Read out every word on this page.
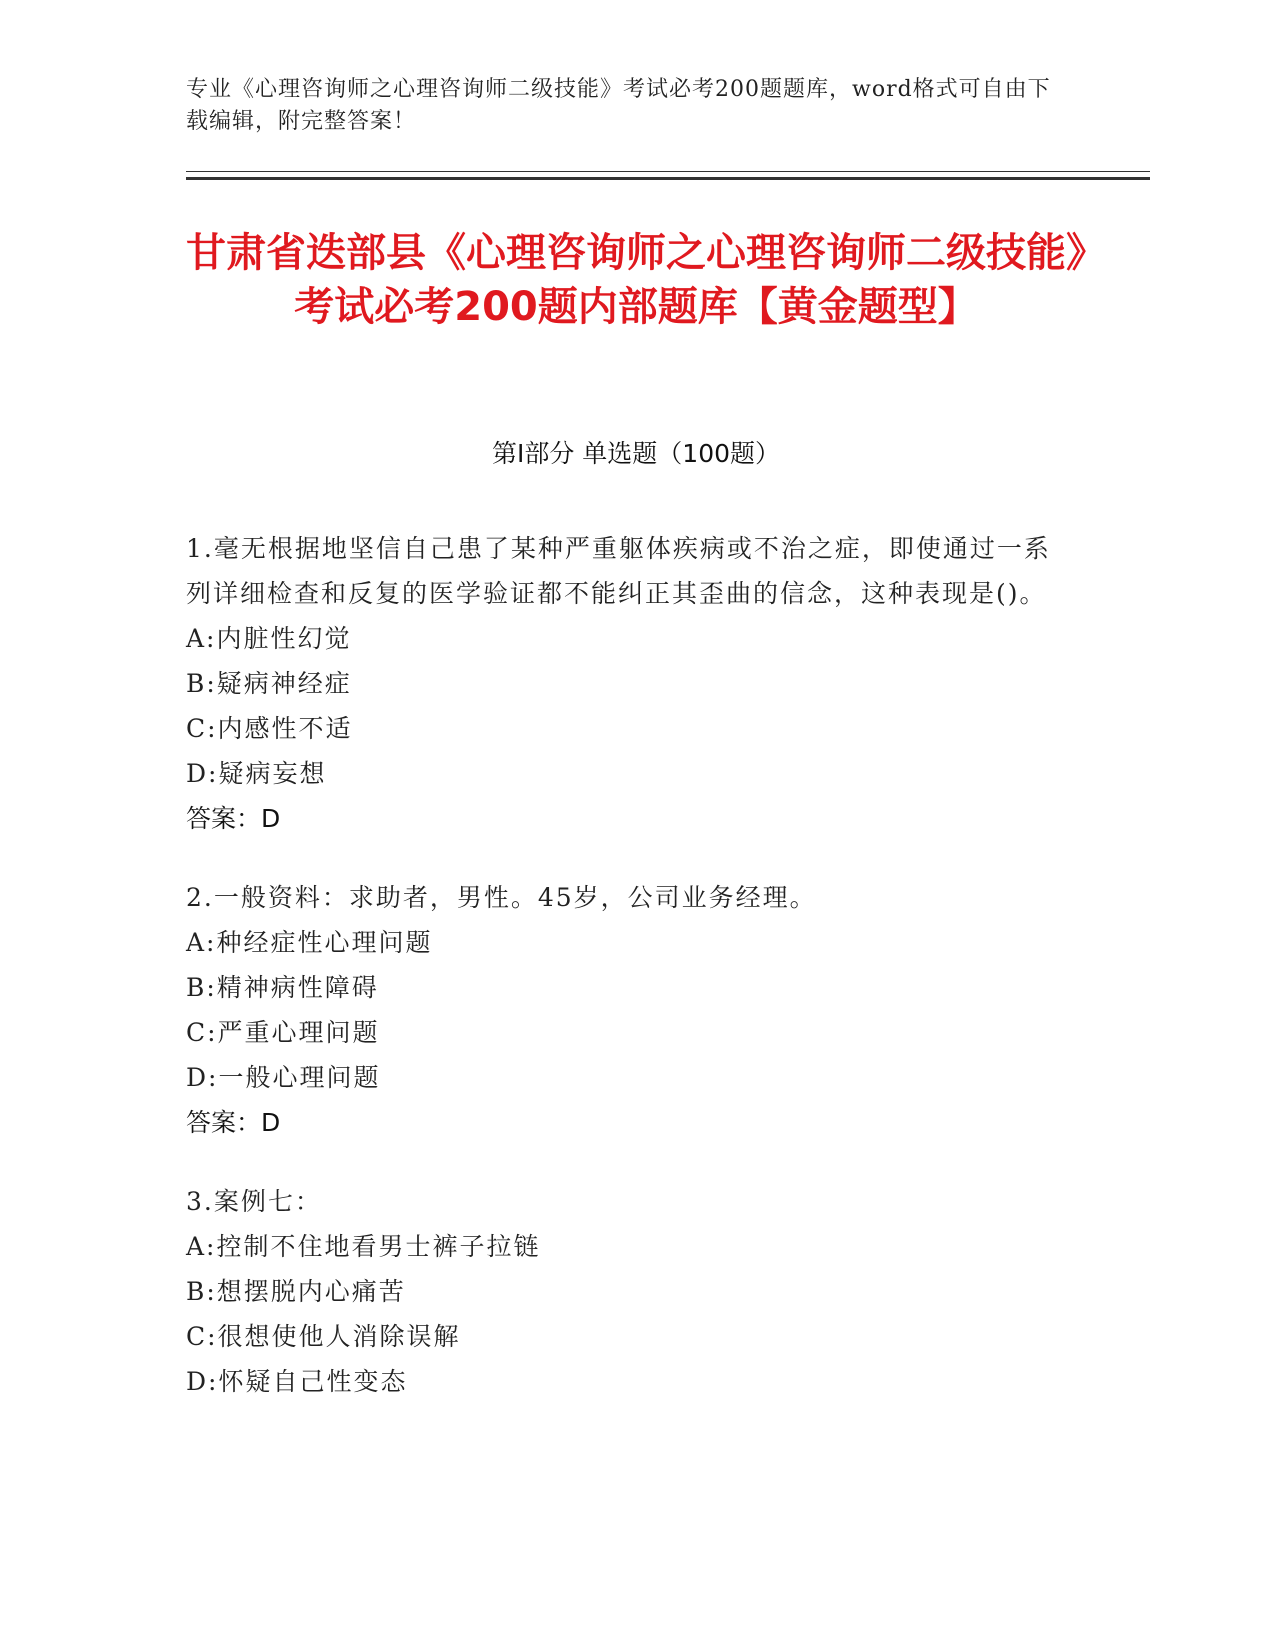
专业《心理咨询师之心理咨询师二级技能》考试必考200题题库，word格式可自由下载编辑，附完整答案！
甘肃省迭部县《心理咨询师之心理咨询师二级技能》考试必考200题内部题库【黄金题型】
第I部分 单选题（100题）
1.毫无根据地坚信自己患了某种严重躯体疾病或不治之症，即使通过一系列详细检查和反复的医学验证都不能纠正其歪曲的信念，这种表现是()。
A:内脏性幻觉
B:疑病神经症
C:内感性不适
D:疑病妄想
答案：D
2.一般资料：求助者，男性。45岁，公司业务经理。
A:种经症性心理问题
B:精神病性障碍
C:严重心理问题
D:一般心理问题
答案：D
3.案例七：
A:控制不住地看男士裤子拉链
B:想摆脱内心痛苦
C:很想使他人消除误解
D:怀疑自己性变态
